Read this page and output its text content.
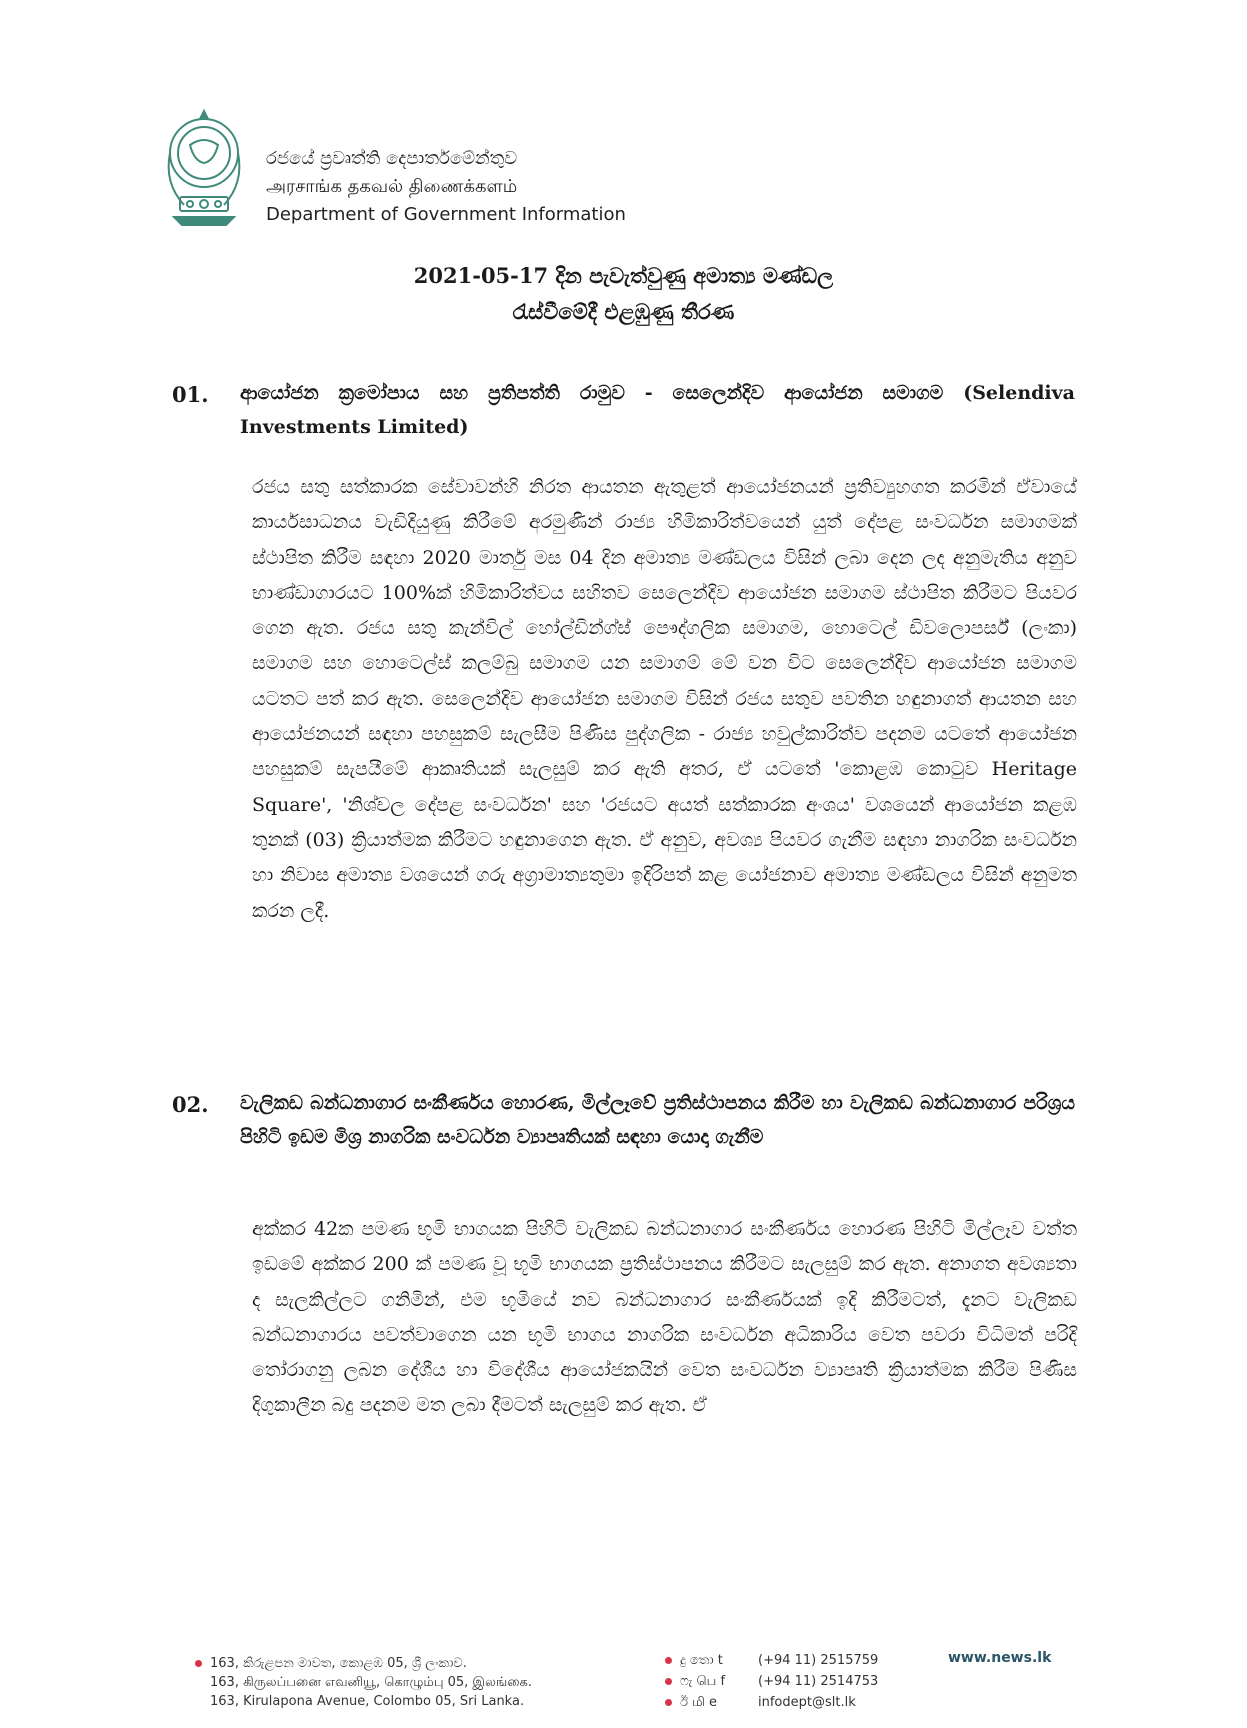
රජයේ ප්‍රවෘත්ති දෙපාර්තමේන්තුව
அரசாங்க தகவல் திணைக்களம்
Department of Government Information
2021-05-17 දින පැවැත්වුණු අමාත්‍ය මණ්ඩල
රැස්වීමේදී එළඹුණු තීරණ
01. ආයෝජන ක්‍රමෝපාය සහ ප්‍රතිපත්ති රාමුව - සෙලෙන්දිව ආයෝජන සමාගම (Selendiva Investments Limited)
රජය සතු සත්කාරක සේවාවන්හි නිරත ආයතන ඇතුළත් ආයෝජනයන් ප්‍රතිව්‍යුහගත කරමින් ඒවායේ කාර්යසාධනය වැඩිදියුණු කිරීමේ අරමුණින් රාජ්‍ය හිමිකාරිත්වයෙන් යුත් දේපළ සංවර්ධන සමාගමක් ස්ථාපිත කිරීම සඳහා 2020 මාර්තු මස 04 දින අමාත්‍ය මණ්ඩලය විසින් ලබා දෙන ලද අනුමැතිය අනුව භාණ්ඩාගාරයට 100%ක් හිමිකාරිත්වය සහිතව සෙලෙන්දිව ආයෝජන සමාගම ස්ථාපිත කිරීමට පියවර ගෙන ඇත. රජය සතු කැන්විල් හෝල්ඩින්ග්ස් පෞද්ගලික සමාගම, හොටෙල් ඩිවලොපර්ස් (ලංකා) සමාගම සහ හොටෙල්ස් කලම්බු සමාගම යන සමාගම් මේ වන විට සෙලෙන්දිව ආයෝජන සමාගම යටතට පත් කර ඇත. සෙලෙන්දිව ආයෝජන සමාගම විසින් රජය සතුව පවතින හඳුනාගත් ආයතන සහ ආයෝජනයන් සඳහා පහසුකම් සැලසීම පිණිස පුද්ගලික - රාජ්‍ය හවුල්කාරිත්ව පදනම යටතේ ආයෝජන පහසුකම් සැපයීමේ ආකෘතියක් සැලසුම් කර ඇති අතර, ඒ යටතේ 'කොළඹ කොටුව Heritage Square', 'නිශ්චල දේපළ සංවර්ධන' සහ 'රජයට අයත් සත්කාරක අංශය' වශයෙන් ආයෝජන කළඹ තුනක් (03) ක්‍රියාත්මක කිරීමට හඳුනාගෙන ඇත. ඒ අනුව, අවශ්‍ය පියවර ගැනීම සඳහා නාගරික සංවර්ධන හා නිවාස අමාත්‍ය වශයෙන් ගරු අග්‍රාමාත්‍යතුමා ඉදිරිපත් කළ යෝජනාව අමාත්‍ය මණ්ඩලය විසින් අනුමත කරන ලදී.
02. වැලිකඩ බන්ධනාගාර සංකීර්ණය හොරණ, මිල්ලෑවේ ප්‍රතිස්ථාපනය කිරීම හා වැලිකඩ බන්ධනාගාර පරිශ්‍රය පිහිටි ඉඩම මිශ්‍ර නාගරික සංවර්ධන ව්‍යාපෘතියක් සඳහා යොදා ගැනීම
අක්කර 42ක පමණ භූමි භාගයක පිහිටි වැලිකඩ බන්ධනාගාර සංකීර්ණය හොරණ පිහිටි මිල්ලෑව වත්ත ඉඩමේ අක්කර 200 ක් පමණ වූ භූමි භාගයක ප්‍රතිස්ථාපනය කිරීමට සැලසුම් කර ඇත. අනාගත අවශ්‍යතා ද සැලකිල්ලට ගනිමින්, එම භූමියේ නව බන්ධනාගාර සංකීර්ණයක් ඉදි කිරීමටත්, දැනට වැලිකඩ බන්ධනාගාරය පවත්වාගෙන යන භූමි භාගය නාගරික සංවර්ධන අධිකාරිය වෙත පවරා විධිමත් පරිදි තෝරාගනු ලබන දේශීය හා විදේශීය ආයෝජකයින් වෙත සංවර්ධන ව්‍යාපෘති ක්‍රියාත්මක කිරීම පිණිස දිගුකාලීන බදු පදනම මත ලබා දීමටත් සැලසුම් කර ඇත. ඒ
163, කිරුළපන මාවත, කොළඹ 05, ශ්‍රී ලංකාව.
163, கிருலப்பனை எவனியூ, கொழும்பு 05, இலங்கை.
163, Kirulapona Avenue, Colombo 05, Sri Lanka.
දු තො t	(+94 11) 2515759
ෆැ பெ f	(+94 11) 2514753
ඊ மி e	infodept@slt.lk
www.news.lk
